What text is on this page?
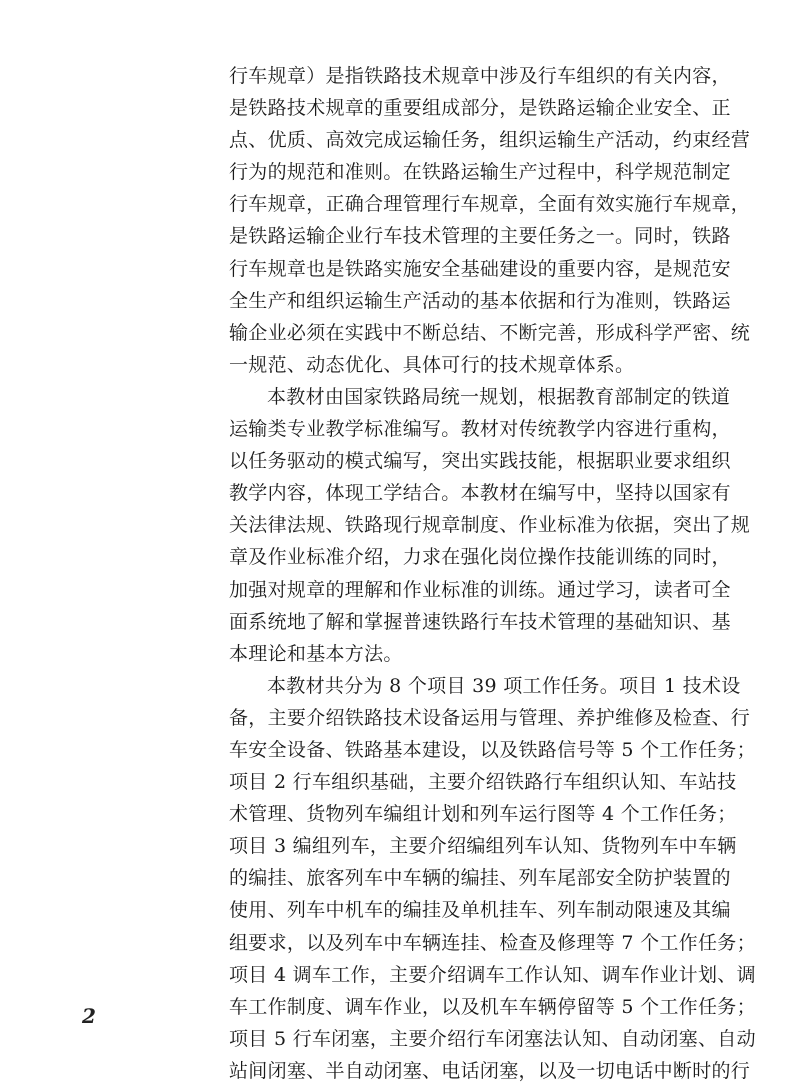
行车规章）是指铁路技术规章中涉及行车组织的有关内容，
是铁路技术规章的重要组成部分，是铁路运输企业安全、正
点、优质、高效完成运输任务，组织运输生产活动，约束经营
行为的规范和准则。在铁路运输生产过程中，科学规范制定
行车规章，正确合理管理行车规章，全面有效实施行车规章，
是铁路运输企业行车技术管理的主要任务之一。同时，铁路
行车规章也是铁路实施安全基础建设的重要内容，是规范安
全生产和组织运输生产活动的基本依据和行为准则，铁路运
输企业必须在实践中不断总结、不断完善，形成科学严密、统
一规范、动态优化、具体可行的技术规章体系。
本教材由国家铁路局统一规划，根据教育部制定的铁道
运输类专业教学标准编写。教材对传统教学内容进行重构，
以任务驱动的模式编写，突出实践技能，根据职业要求组织
教学内容，体现工学结合。本教材在编写中，坚持以国家有
关法律法规、铁路现行规章制度、作业标准为依据，突出了规
章及作业标准介绍，力求在强化岗位操作技能训练的同时，
加强对规章的理解和作业标准的训练。通过学习，读者可全
面系统地了解和掌握普速铁路行车技术管理的基础知识、基
本理论和基本方法。
本教材共分为 8 个项目 39 项工作任务。项目 1 技术设
备，主要介绍铁路技术设备运用与管理、养护维修及检查、行
车安全设备、铁路基本建设，以及铁路信号等 5 个工作任务；
项目 2 行车组织基础，主要介绍铁路行车组织认知、车站技
术管理、货物列车编组计划和列车运行图等 4 个工作任务；
项目 3 编组列车，主要介绍编组列车认知、货物列车中车辆
的编挂、旅客列车中车辆的编挂、列车尾部安全防护装置的
使用、列车中机车的编挂及单机挂车、列车制动限速及其编
组要求，以及列车中车辆连挂、检查及修理等 7 个工作任务；
项目 4 调车工作，主要介绍调车工作认知、调车作业计划、调
车工作制度、调车作业，以及机车车辆停留等 5 个工作任务；
项目 5 行车闭塞，主要介绍行车闭塞法认知、自动闭塞、自动
站间闭塞、半自动闭塞、电话闭塞，以及一切电话中断时的行
2
